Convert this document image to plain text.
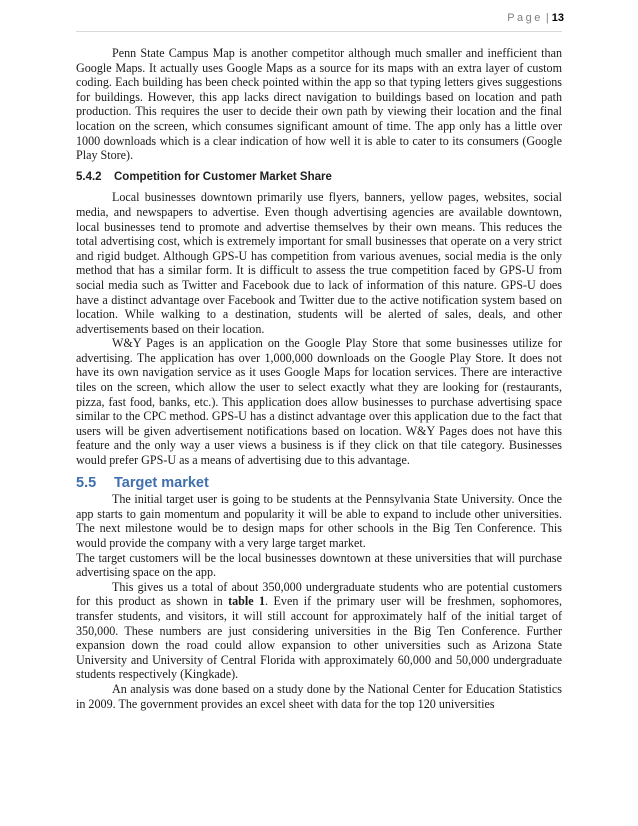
Page | 13

Penn State Campus Map is another competitor although much smaller and inefficient than Google Maps. It actually uses Google Maps as a source for its maps with an extra layer of custom coding. Each building has been check pointed within the app so that typing letters gives suggestions for buildings. However, this app lacks direct navigation to buildings based on location and path production. This requires the user to decide their own path by viewing their location and the final location on the screen, which consumes significant amount of time. The app only has a little over 1000 downloads which is a clear indication of how well it is able to cater to its consumers (Google Play Store).

5.4.2 Competition for Customer Market Share

Local businesses downtown primarily use flyers, banners, yellow pages, websites, social media, and newspapers to advertise. Even though advertising agencies are available downtown, local businesses tend to promote and advertise themselves by their own means. This reduces the total advertising cost, which is extremely important for small businesses that operate on a very strict and rigid budget. Although GPS-U has competition from various avenues, social media is the only method that has a similar form. It is difficult to assess the true competition faced by GPS-U from social media such as Twitter and Facebook due to lack of information of this nature. GPS-U does have a distinct advantage over Facebook and Twitter due to the active notification system based on location. While walking to a destination, students will be alerted of sales, deals, and other advertisements based on their location.

W&Y Pages is an application on the Google Play Store that some businesses utilize for advertising. The application has over 1,000,000 downloads on the Google Play Store. It does not have its own navigation service as it uses Google Maps for location services. There are interactive tiles on the screen, which allow the user to select exactly what they are looking for (restaurants, pizza, fast food, banks, etc.). This application does allow businesses to purchase advertising space similar to the CPC method. GPS-U has a distinct advantage over this application due to the fact that users will be given advertisement notifications based on location. W&Y Pages does not have this feature and the only way a user views a business is if they click on that tile category. Businesses would prefer GPS-U as a means of advertising due to this advantage.

5.5 Target market

The initial target user is going to be students at the Pennsylvania State University. Once the app starts to gain momentum and popularity it will be able to expand to include other universities. The next milestone would be to design maps for other schools in the Big Ten Conference. This would provide the company with a very large target market.

The target customers will be the local businesses downtown at these universities that will purchase advertising space on the app.

This gives us a total of about 350,000 undergraduate students who are potential customers for this product as shown in table 1. Even if the primary user will be freshmen, sophomores, transfer students, and visitors, it will still account for approximately half of the initial target of 350,000. These numbers are just considering universities in the Big Ten Conference. Further expansion down the road could allow expansion to other universities such as Arizona State University and University of Central Florida with approximately 60,000 and 50,000 undergraduate students respectively (Kingkade).

An analysis was done based on a study done by the National Center for Education Statistics in 2009. The government provides an excel sheet with data for the top 120 universities
